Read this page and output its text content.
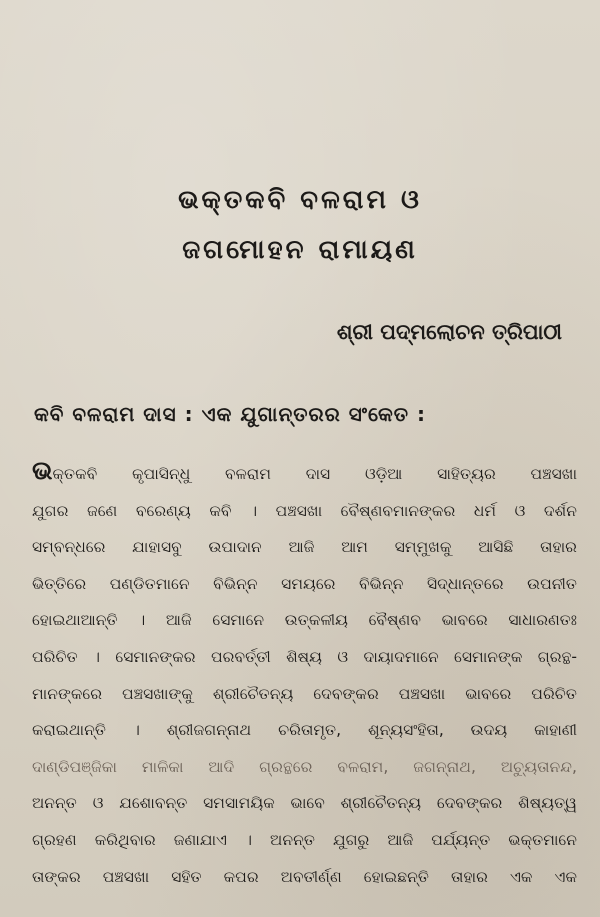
ଭକ୍ତକବି ବଳରାମ ଓ
ଜଗମୋହନ ରାମାୟଣ
ଶ୍ରୀ ପଦ୍ମଲୋଚନ ତ୍ରିପାଠୀ
କବି ବଳରାମ ଦାସ : ଏକ ଯୁଗାନ୍ତରର ସଂକେତ :
ଭକ୍ତକବି କୃପାସିନ୍ଧୁ ବଳରାମ ଦାସ ଓଡ଼ିଆ ସାହିତ୍ୟର ପଞ୍ଚସଖା
ଯୁଗର ଜଣେ ବରେଣ୍ୟ କବି । ପଞ୍ଚସଖା ବୈଷ୍ଣବମାନଙ୍କର ଧର୍ମ ଓ ଦର୍ଶନ
ସମ୍ବନ୍ଧରେ ଯାହାସବୁ ଉପାଦାନ ଆଜି ଆମ ସମ୍ମୁଖକୁ ଆସିଛି ତାହାର
ଭିତ୍ତିରେ ପଣ୍ଡିତମାନେ ବିଭିନ୍ନ ସମୟରେ ବିଭିନ୍ନ ସିଦ୍ଧାନ୍ତରେ ଉପନୀତ
ହୋଇଥାଆନ୍ତି । ଆଜି ସେମାନେ ଉତ୍କଳୀୟ ବୈଷ୍ଣବ ଭାବରେ ସାଧାରଣତଃ
ପରିଚିତ । ସେମାନଙ୍କର ପରବର୍ତ୍ତୀ ଶିଷ୍ୟ ଓ ଦାୟାଦମାନେ ସେମାନଙ୍କ ଗ୍ରନ୍ଥ-
ମାନଙ୍କରେ ପଞ୍ଚସଖାଙ୍କୁ ଶ୍ରୀଚୈତନ୍ୟ ଦେବଙ୍କର ପଞ୍ଚସଖା ଭାବରେ ପରିଚିତ
କରାଇଥାନ୍ତି । ଶ୍ରୀଜଗନ୍ନାଥ ଚରିତାମୃତ, ଶୂନ୍ୟସଂହିତା, ଉଦୟ କାହାଣୀ
ଦାଣ୍ଡିପଞ୍ଜିକା ମାଳିକା ଆଦି ଗ୍ରନ୍ଥରେ ବଳରାମ, ଜଗନ୍ନାଥ, ଅଚ୍ୟୁତାନନ୍ଦ,
ଅନନ୍ତ ଓ ଯଶୋବନ୍ତ ସମସାମୟିକ ଭାବେ ଶ୍ରୀଚୈତନ୍ୟ ଦେବଙ୍କର ଶିଷ୍ୟତ୍ୱ
ଗ୍ରହଣ କରିଥିବାର ଜଣାଯାଏ । ଅନନ୍ତ ଯୁଗରୁ ଆଜି ପର୍ଯ୍ୟନ୍ତ ଭକ୍ତମାନେ
ତାଙ୍କର ପଞ୍ଚସଖା ସହିତ କପର ଅବତୀର୍ଣ୍ଣ ହୋଇଛନ୍ତି ତାହାର ଏକ ଏକ
